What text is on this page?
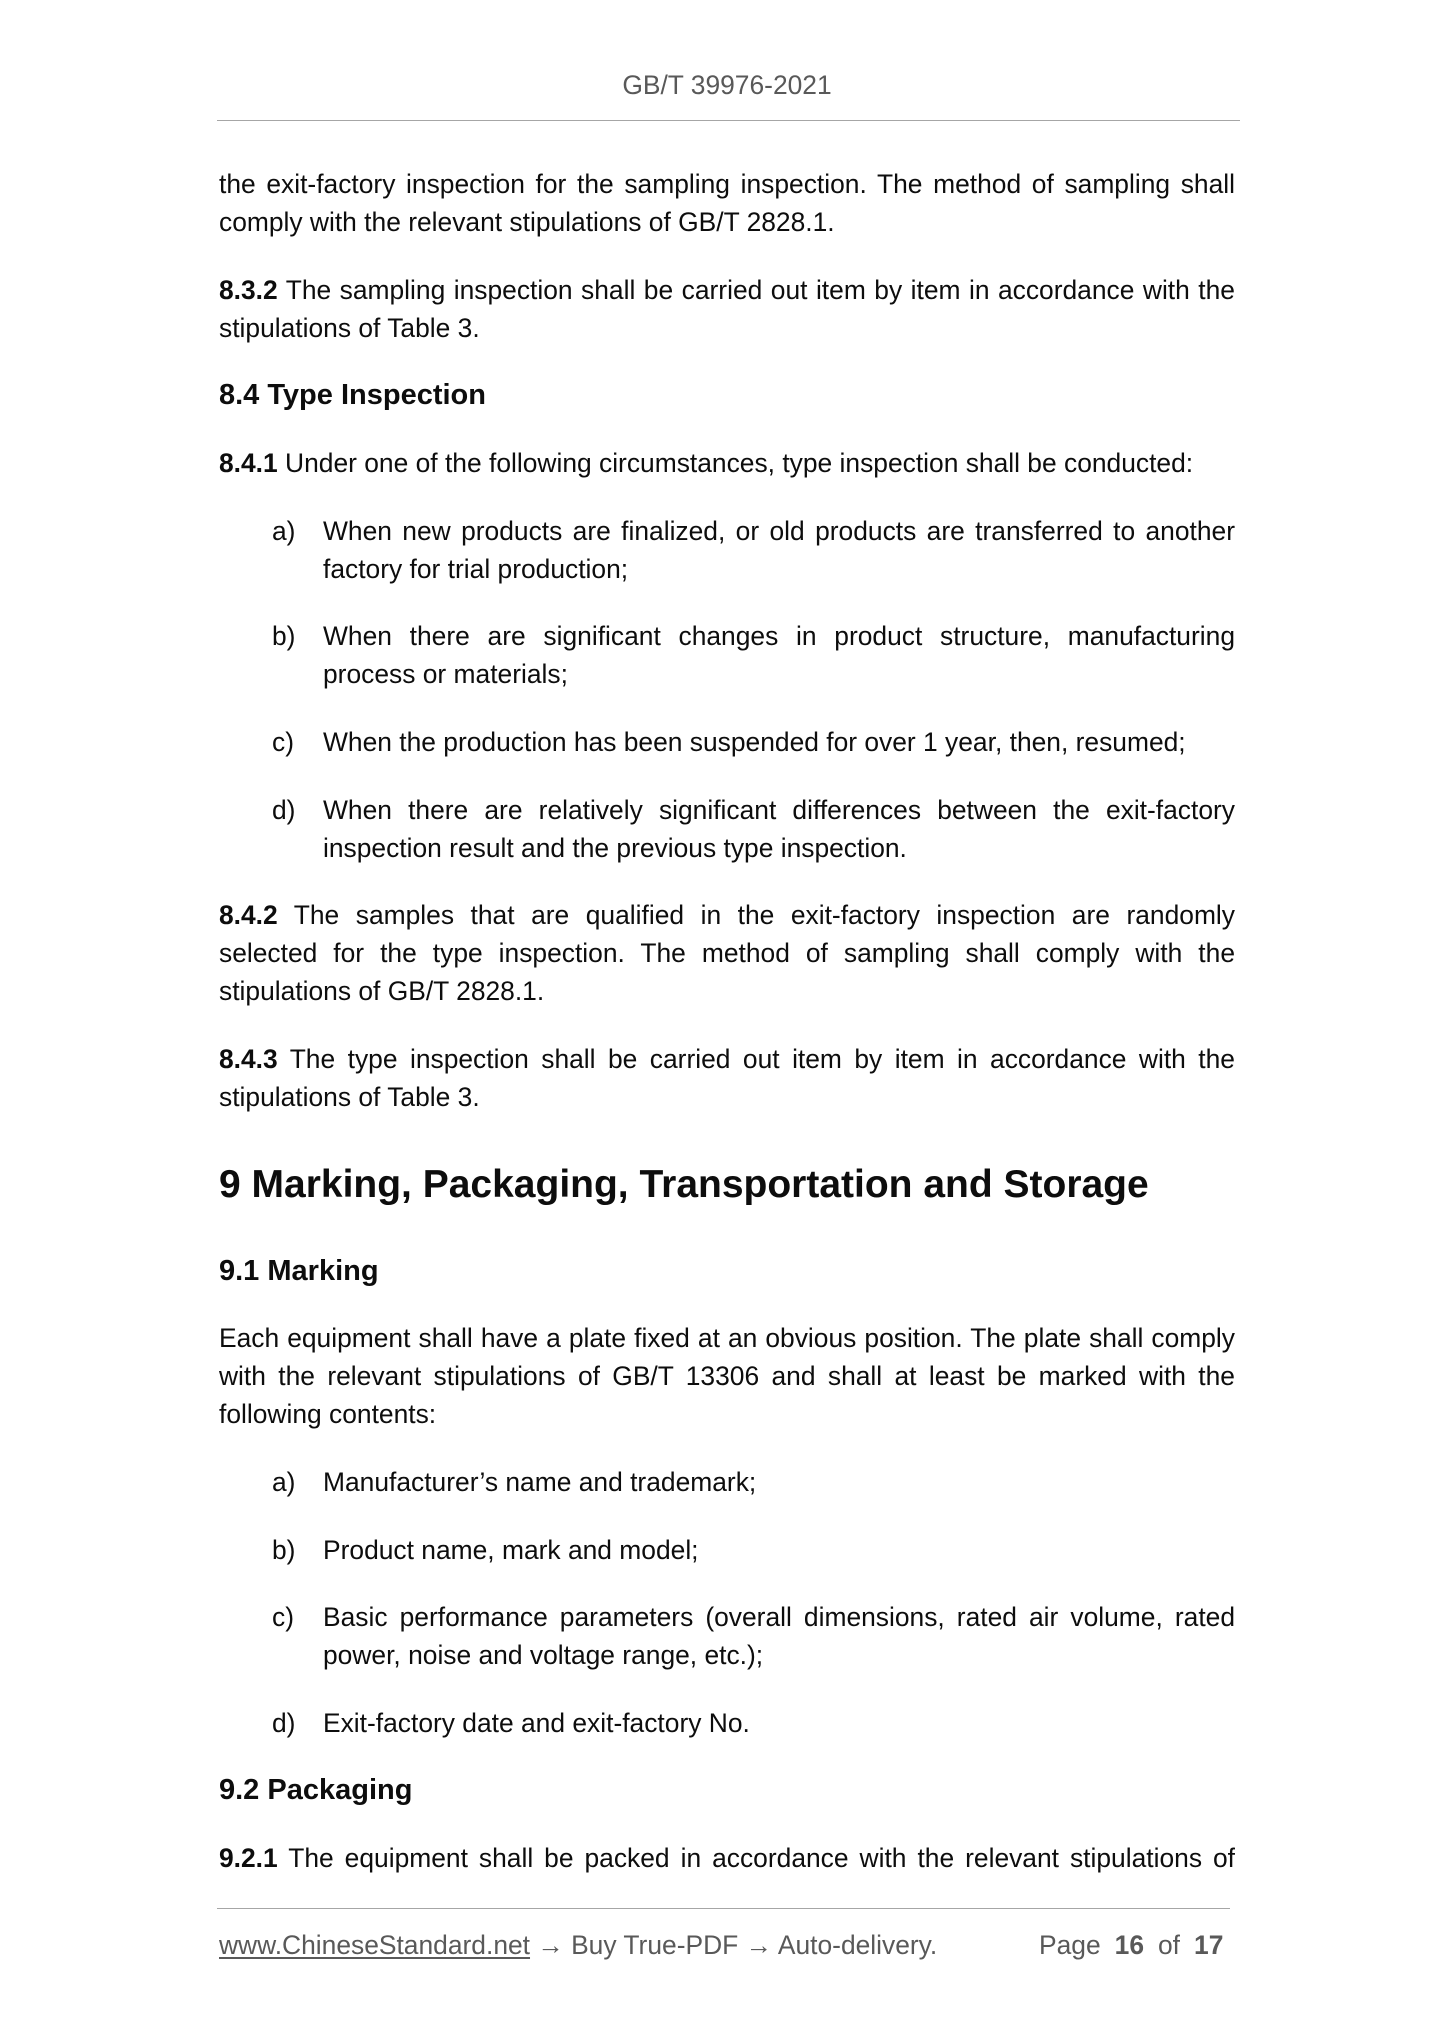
GB/T 39976-2021
the exit-factory inspection for the sampling inspection. The method of sampling shall
comply with the relevant stipulations of GB/T 2828.1.
8.3.2 The sampling inspection shall be carried out item by item in accordance with the
stipulations of Table 3.
8.4 Type Inspection
8.4.1 Under one of the following circumstances, type inspection shall be conducted:
a) When new products are finalized, or old products are transferred to another
factory for trial production;
b) When there are significant changes in product structure, manufacturing
process or materials;
c) When the production has been suspended for over 1 year, then, resumed;
d) When there are relatively significant differences between the exit-factory
inspection result and the previous type inspection.
8.4.2 The samples that are qualified in the exit-factory inspection are randomly
selected for the type inspection. The method of sampling shall comply with the
stipulations of GB/T 2828.1.
8.4.3 The type inspection shall be carried out item by item in accordance with the
stipulations of Table 3.
9 Marking, Packaging, Transportation and Storage
9.1 Marking
Each equipment shall have a plate fixed at an obvious position. The plate shall comply
with the relevant stipulations of GB/T 13306 and shall at least be marked with the
following contents:
a) Manufacturer’s name and trademark;
b) Product name, mark and model;
c) Basic performance parameters (overall dimensions, rated air volume, rated
power, noise and voltage range, etc.);
d) Exit-factory date and exit-factory No.
9.2 Packaging
9.2.1 The equipment shall be packed in accordance with the relevant stipulations of
www.ChineseStandard.net → Buy True-PDF → Auto-delivery.	Page 16 of 17
